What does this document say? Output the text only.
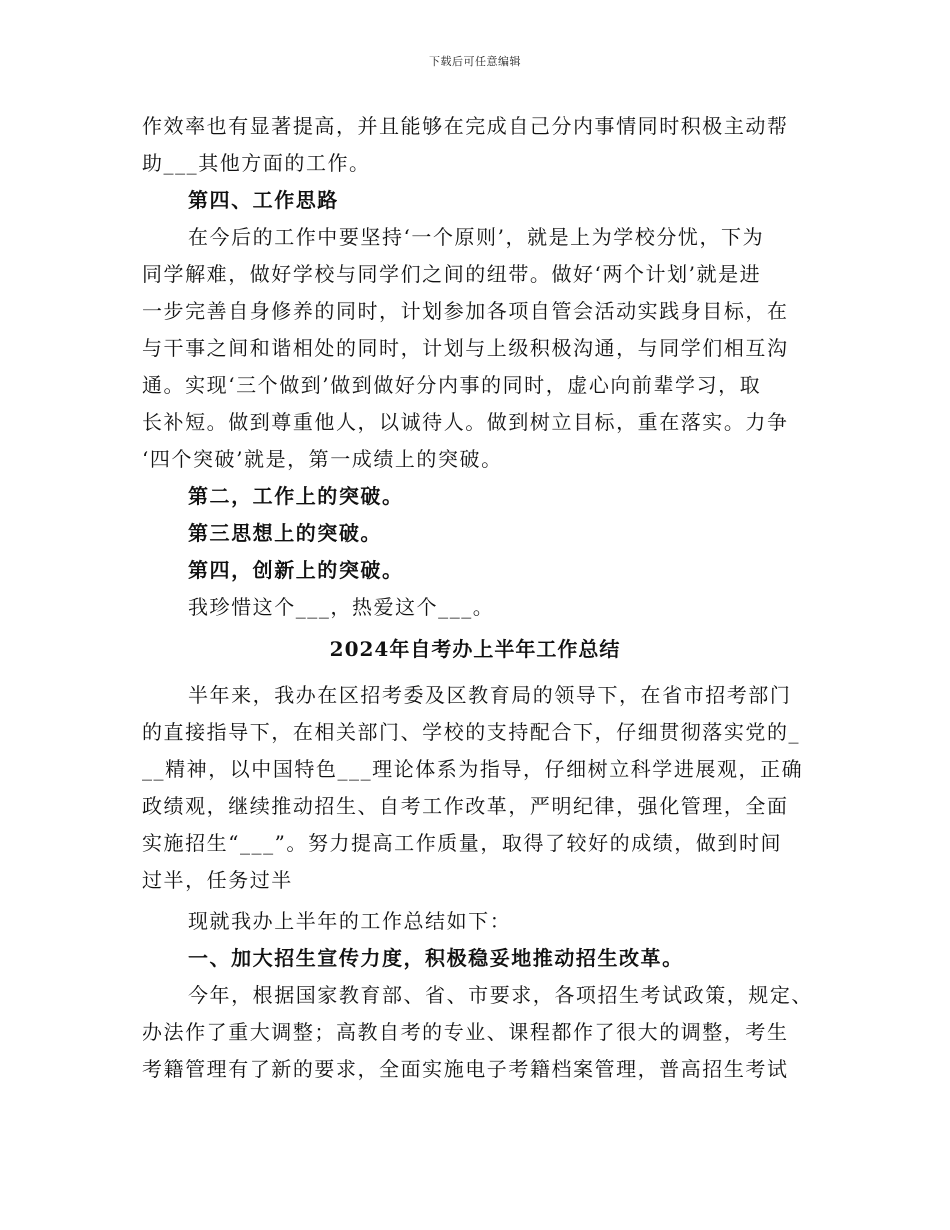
下载后可任意编辑

作效率也有显著提高，并且能够在完成自己分内事情同时积极主动帮

助___其他方面的工作。

第四、工作思路

在今后的工作中要坚持‘一个原则’，就是上为学校分忧，下为

同学解难，做好学校与同学们之间的纽带。做好‘两个计划’就是进

一步完善自身修养的同时，计划参加各项自管会活动实践身目标，在

与干事之间和谐相处的同时，计划与上级积极沟通，与同学们相互沟

通。实现‘三个做到’做到做好分内事的同时，虚心向前辈学习，取

长补短。做到尊重他人，以诚待人。做到树立目标，重在落实。力争

‘四个突破’就是，第一成绩上的突破。

第二，工作上的突破。

第三思想上的突破。

第四，创新上的突破。

我珍惜这个___，热爱这个___。

2024年自考办上半年工作总结

半年来，我办在区招考委及区教育局的领导下，在省市招考部门

的直接指导下，在相关部门、学校的支持配合下，仔细贯彻落实党的_

__精神，以中国特色___理论体系为指导，仔细树立科学进展观，正确

政绩观，继续推动招生、自考工作改革，严明纪律，强化管理，全面

实施招生“___”。努力提高工作质量，取得了较好的成绩，做到时间

过半，任务过半

现就我办上半年的工作总结如下：

一、加大招生宣传力度，积极稳妥地推动招生改革。

今年，根据国家教育部、省、市要求，各项招生考试政策，规定、

办法作了重大调整；高教自考的专业、课程都作了很大的调整，考生

考籍管理有了新的要求，全面实施电子考籍档案管理，普高招生考试
